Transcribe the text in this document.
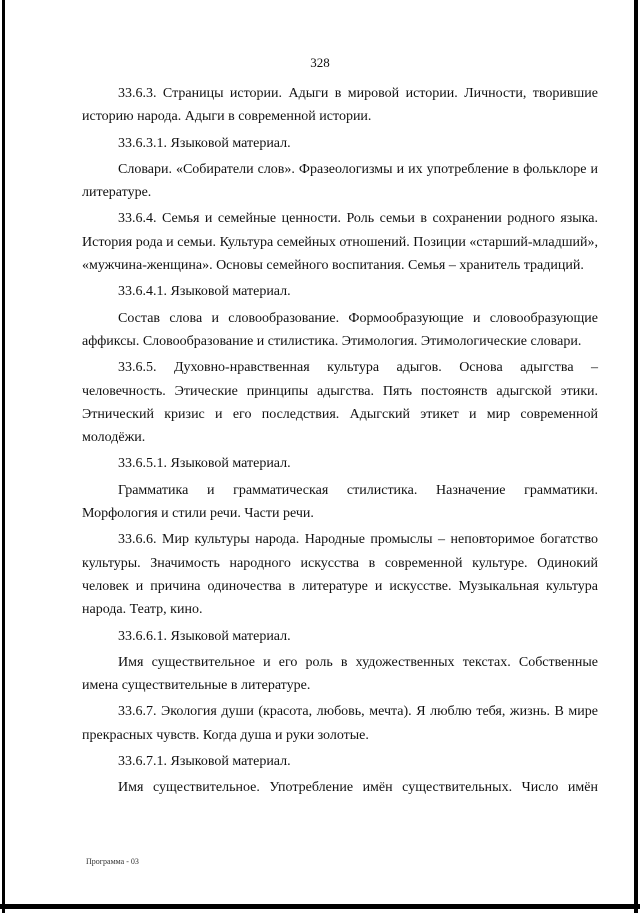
328

33.6.3. Страницы истории. Адыги в мировой истории. Личности, творившие историю народа. Адыги в современной истории.

33.6.3.1. Языковой материал.

Словари. «Собиратели слов». Фразеологизмы и их употребление в фольклоре и литературе.

33.6.4. Семья и семейные ценности. Роль семьи в сохранении родного языка. История рода и семьи. Культура семейных отношений. Позиции «старший-младший», «мужчина-женщина». Основы семейного воспитания. Семья – хранитель традиций.

33.6.4.1. Языковой материал.

Состав слова и словообразование. Формообразующие и словообразующие аффиксы. Словообразование и стилистика. Этимология. Этимологические словари.

33.6.5. Духовно-нравственная культура адыгов. Основа адыгства – человечность. Этические принципы адыгства. Пять постоянств адыгской этики. Этнический кризис и его последствия. Адыгский этикет и мир современной молодёжи.

33.6.5.1. Языковой материал.

Грамматика и грамматическая стилистика. Назначение грамматики. Морфология и стили речи. Части речи.

33.6.6. Мир культуры народа. Народные промыслы – неповторимое богатство культуры. Значимость народного искусства в современной культуре. Одинокий человек и причина одиночества в литературе и искусстве. Музыкальная культура народа. Театр, кино.

33.6.6.1. Языковой материал.

Имя существительное и его роль в художественных текстах. Собственные имена существительные в литературе.

33.6.7. Экология души (красота, любовь, мечта). Я люблю тебя, жизнь. В мире прекрасных чувств. Когда душа и руки золотые.

33.6.7.1. Языковой материал.

Имя существительное. Употребление имён существительных. Число имён

Программа - 03
